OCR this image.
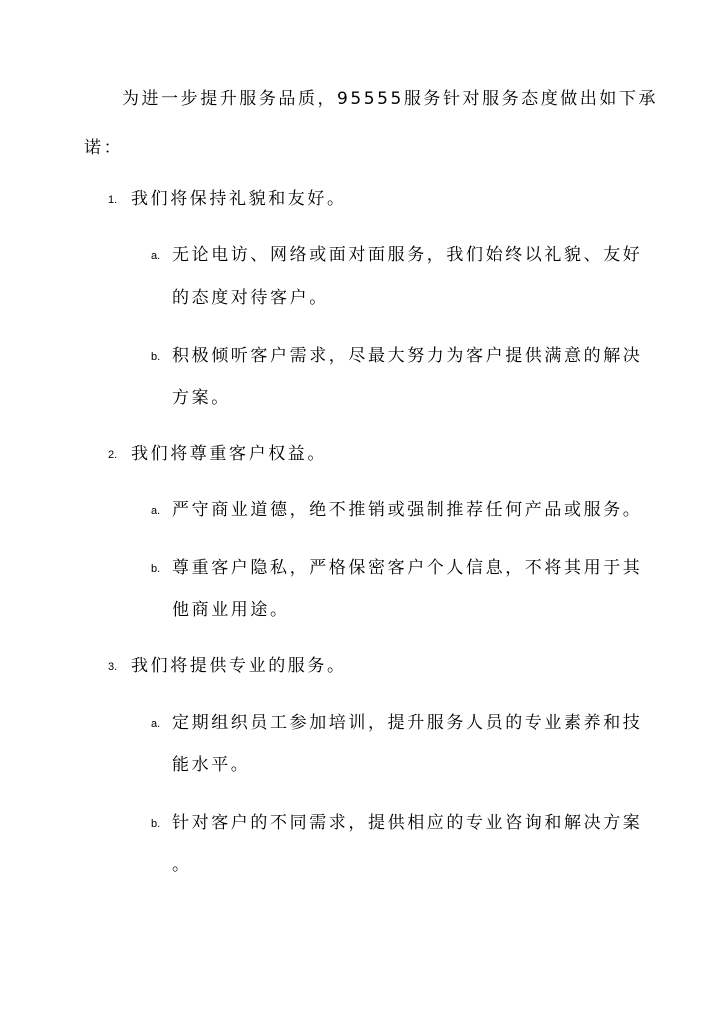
为进一步提升服务品质，95555服务针对服务态度做出如下承
诺：
1. 我们将保持礼貌和友好。
a. 无论电访、网络或面对面服务，我们始终以礼貌、友好
的态度对待客户。
b. 积极倾听客户需求，尽最大努力为客户提供满意的解决
方案。
2. 我们将尊重客户权益。
a. 严守商业道德，绝不推销或强制推荐任何产品或服务。
b. 尊重客户隐私，严格保密客户个人信息，不将其用于其
他商业用途。
3. 我们将提供专业的服务。
a. 定期组织员工参加培训，提升服务人员的专业素养和技
能水平。
b. 针对客户的不同需求，提供相应的专业咨询和解决方案
。
